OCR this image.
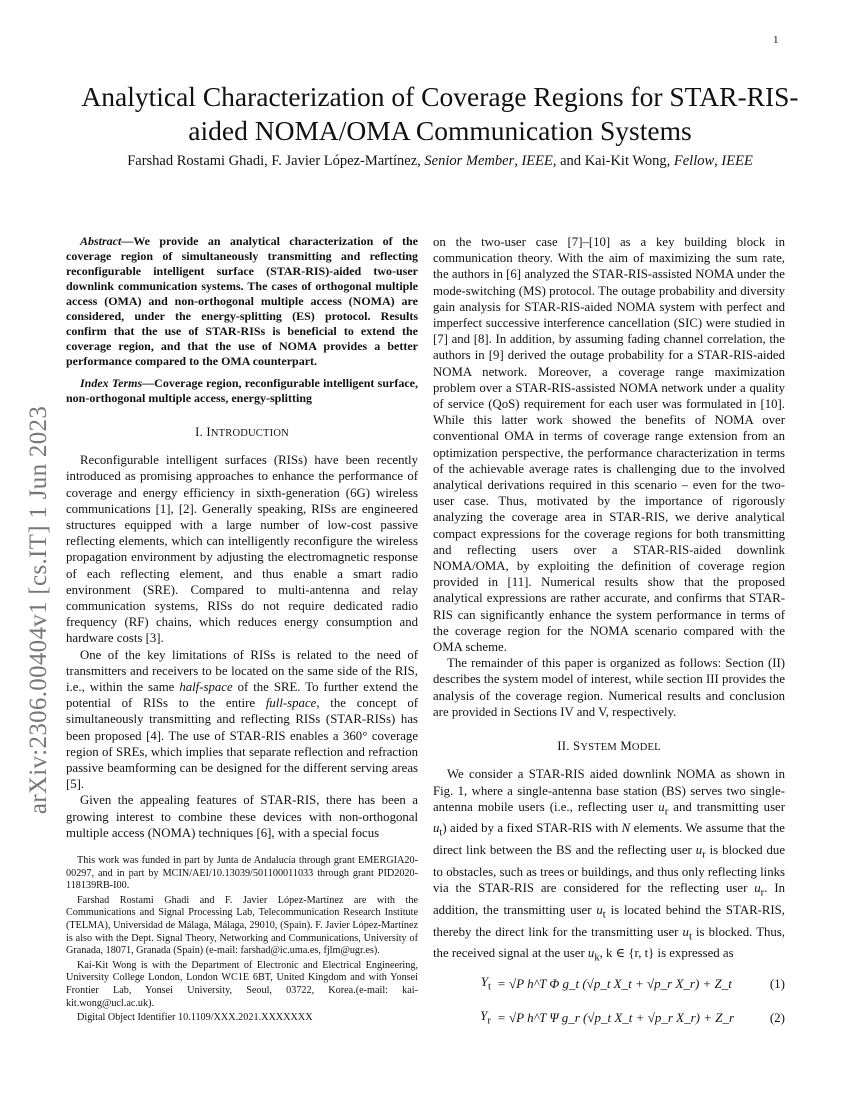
1
arXiv:2306.00404v1 [cs.IT] 1 Jun 2023
Analytical Characterization of Coverage Regions for STAR-RIS-aided NOMA/OMA Communication Systems
Farshad Rostami Ghadi, F. Javier López-Martínez, Senior Member, IEEE, and Kai-Kit Wong, Fellow, IEEE

Abstract—We provide an analytical characterization of the coverage region of simultaneously transmitting and reflecting reconfigurable intelligent surface (STAR-RIS)-aided two-user downlink communication systems. The cases of orthogonal multiple access (OMA) and non-orthogonal multiple access (NOMA) are considered, under the energy-splitting (ES) protocol. Results confirm that the use of STAR-RISs is beneficial to extend the coverage region, and that the use of NOMA provides a better performance compared to the OMA counterpart.

Index Terms—Coverage region, reconfigurable intelligent surface, non-orthogonal multiple access, energy-splitting

I. INTRODUCTION

Reconfigurable intelligent surfaces (RISs) have been recently introduced as promising approaches to enhance the performance of coverage and energy efficiency in sixth-generation (6G) wireless communications [1], [2]. Generally speaking, RISs are engineered structures equipped with a large number of low-cost passive reflecting elements, which can intelligently reconfigure the wireless propagation environment by adjusting the electromagnetic response of each reflecting element, and thus enable a smart radio environment (SRE). Compared to multi-antenna and relay communication systems, RISs do not require dedicated radio frequency (RF) chains, which reduces energy consumption and hardware costs [3].

One of the key limitations of RISs is related to the need of transmitters and receivers to be located on the same side of the RIS, i.e., within the same half-space of the SRE. To further extend the potential of RISs to the entire full-space, the concept of simultaneously transmitting and reflecting RISs (STAR-RISs) has been proposed [4]. The use of STAR-RIS enables a 360° coverage region of SREs, which implies that separate reflection and refraction passive beamforming can be designed for the different serving areas [5].

Given the appealing features of STAR-RIS, there has been a growing interest to combine these devices with non-orthogonal multiple access (NOMA) techniques [6], with a special focus

This work was funded in part by Junta de Andalucía through grant EMERGIA20-00297, and in part by MCIN/AEI/10.13039/501100011033 through grant PID2020-118139RB-I00.

Farshad Rostami Ghadi and F. Javier López-Martínez are with the Communications and Signal Processing Lab, Telecommunication Research Institute (TELMA), Universidad de Málaga, Málaga, 29010, (Spain). F. Javier López-Martínez is also with the Dept. Signal Theory, Networking and Communications, University of Granada, 18071, Granada (Spain) (e-mail: farshad@ic.uma.es, fjlm@ugr.es).

Kai-Kit Wong is with the Department of Electronic and Electrical Engineering, University College London, London WC1E 6BT, United Kingdom and with Yonsei Frontier Lab, Yonsei University, Seoul, 03722, Korea.(e-mail: kai-kit.wong@ucl.ac.uk).

Digital Object Identifier 10.1109/XXX.2021.XXXXXXX

on the two-user case [7]–[10] as a key building block in communication theory. With the aim of maximizing the sum rate, the authors in [6] analyzed the STAR-RIS-assisted NOMA under the mode-switching (MS) protocol. The outage probability and diversity gain analysis for STAR-RIS-aided NOMA system with perfect and imperfect successive interference cancellation (SIC) were studied in [7] and [8]. In addition, by assuming fading channel correlation, the authors in [9] derived the outage probability for a STAR-RIS-aided NOMA network. Moreover, a coverage range maximization problem over a STAR-RIS-assisted NOMA network under a quality of service (QoS) requirement for each user was formulated in [10]. While this latter work showed the benefits of NOMA over conventional OMA in terms of coverage range extension from an optimization perspective, the performance characterization in terms of the achievable average rates is challenging due to the involved analytical derivations required in this scenario – even for the two-user case. Thus, motivated by the importance of rigorously analyzing the coverage area in STAR-RIS, we derive analytical compact expressions for the coverage regions for both transmitting and reflecting users over a STAR-RIS-aided downlink NOMA/OMA, by exploiting the definition of coverage region provided in [11]. Numerical results show that the proposed analytical expressions are rather accurate, and confirms that STAR-RIS can significantly enhance the system performance in terms of the coverage region for the NOMA scenario compared with the OMA scheme.

The remainder of this paper is organized as follows: Section (II) describes the system model of interest, while section III provides the analysis of the coverage region. Numerical results and conclusion are provided in Sections IV and V, respectively.

II. SYSTEM MODEL

We consider a STAR-RIS aided downlink NOMA as shown in Fig. 1, where a single-antenna base station (BS) serves two single-antenna mobile users (i.e., reflecting user $u_r$ and transmitting user $u_t$) aided by a fixed STAR-RIS with N elements. We assume that the direct link between the BS and the reflecting user $u_r$ is blocked due to obstacles, such as trees or buildings, and thus only reflecting links via the STAR-RIS are considered for the reflecting user $u_r$. In addition, the transmitting user $u_t$ is located behind the STAR-RIS, thereby the direct link for the transmitting user $u_t$ is blocked. Thus, the received signal at the user $u_k$, k ∈ {r, t} is expressed as

$Y_t = √P$ h^T Φ g_t (√p_t X_t + √p_r X_r) + Z_t	(1)
$Y_r = √P$ h^T Ψ g_r (√p_t X_t + √p_r X_r) + Z_r	(2)
